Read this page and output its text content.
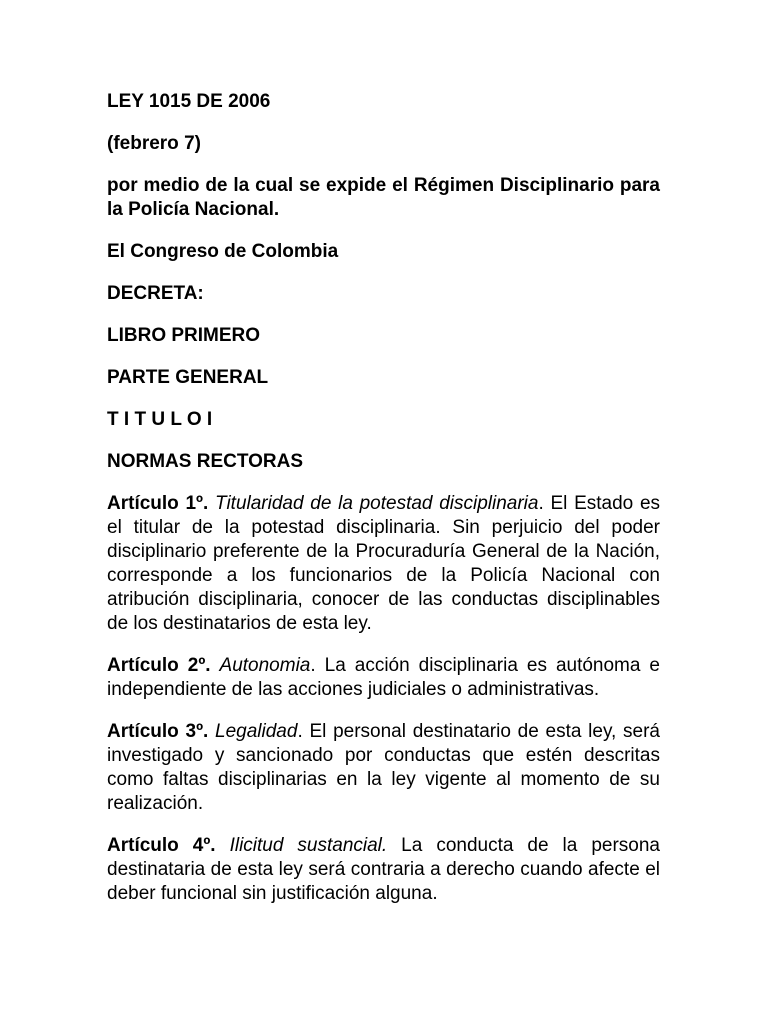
LEY 1015 DE 2006

(febrero 7)

por medio de la cual se expide el Régimen Disciplinario para la Policía Nacional.

El Congreso de Colombia

DECRETA:

LIBRO PRIMERO

PARTE GENERAL

T I T U L O I

NORMAS RECTORAS

Artículo 1º. Titularidad de la potestad disciplinaria. El Estado es el titular de la potestad disciplinaria. Sin perjuicio del poder disciplinario preferente de la Procuraduría General de la Nación, corresponde a los funcionarios de la Policía Nacional con atribución disciplinaria, conocer de las conductas disciplinables de los destinatarios de esta ley.

Artículo 2º. Autonomia. La acción disciplinaria es autónoma e independiente de las acciones judiciales o administrativas.

Artículo 3º. Legalidad. El personal destinatario de esta ley, será investigado y sancionado por conductas que estén descritas como faltas disciplinarias en la ley vigente al momento de su realización.

Artículo 4º. Ilicitud sustancial. La conducta de la persona destinataria de esta ley será contraria a derecho cuando afecte el deber funcional sin justificación alguna.
